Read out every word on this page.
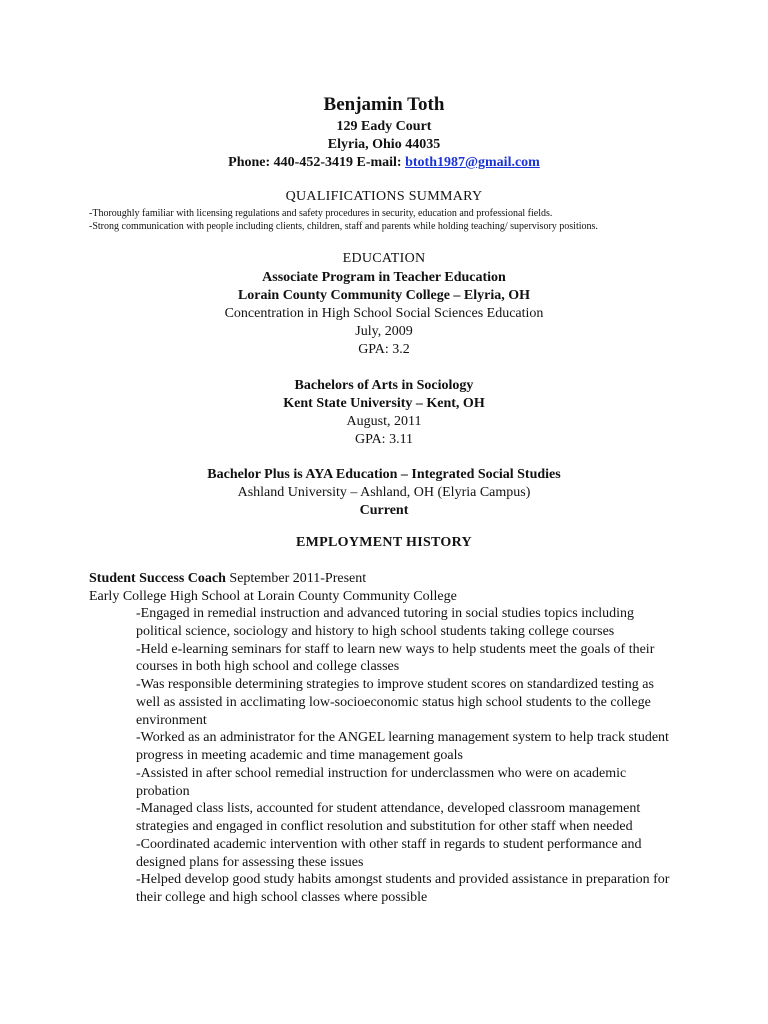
Benjamin Toth
129 Eady Court
Elyria, Ohio 44035
Phone: 440-452-3419 E-mail: btoth1987@gmail.com
QUALIFICATIONS SUMMARY
-Thoroughly familiar with licensing regulations and safety procedures in security, education and professional fields.
-Strong communication with people including clients, children, staff and parents while holding teaching/ supervisory positions.
EDUCATION
Associate Program in Teacher Education
Lorain County Community College – Elyria, OH
Concentration in High School Social Sciences Education
July, 2009
GPA: 3.2
Bachelors of Arts in Sociology
Kent State University – Kent, OH
August, 2011
GPA: 3.11
Bachelor Plus is AYA Education – Integrated Social Studies
Ashland University – Ashland, OH (Elyria Campus)
Current
EMPLOYMENT HISTORY
Student Success Coach September 2011-Present
Early College High School at Lorain County Community College

-Engaged in remedial instruction and advanced tutoring in social studies topics including political science, sociology and history to high school students taking college courses

-Held e-learning seminars for staff to learn new ways to help students meet the goals of their courses in both high school and college classes

-Was responsible determining strategies to improve student scores on standardized testing as well as assisted in acclimating low-socioeconomic status high school students to the college environment

-Worked as an administrator for the ANGEL learning management system to help track student progress in meeting academic and time management goals

-Assisted in after school remedial instruction for underclassmen who were on academic probation

-Managed class lists, accounted for student attendance, developed classroom management strategies and engaged in conflict resolution and substitution for other staff when needed

-Coordinated academic intervention with other staff in regards to student performance and designed plans for assessing these issues

-Helped develop good study habits amongst students and provided assistance in preparation for their college and high school classes where possible
